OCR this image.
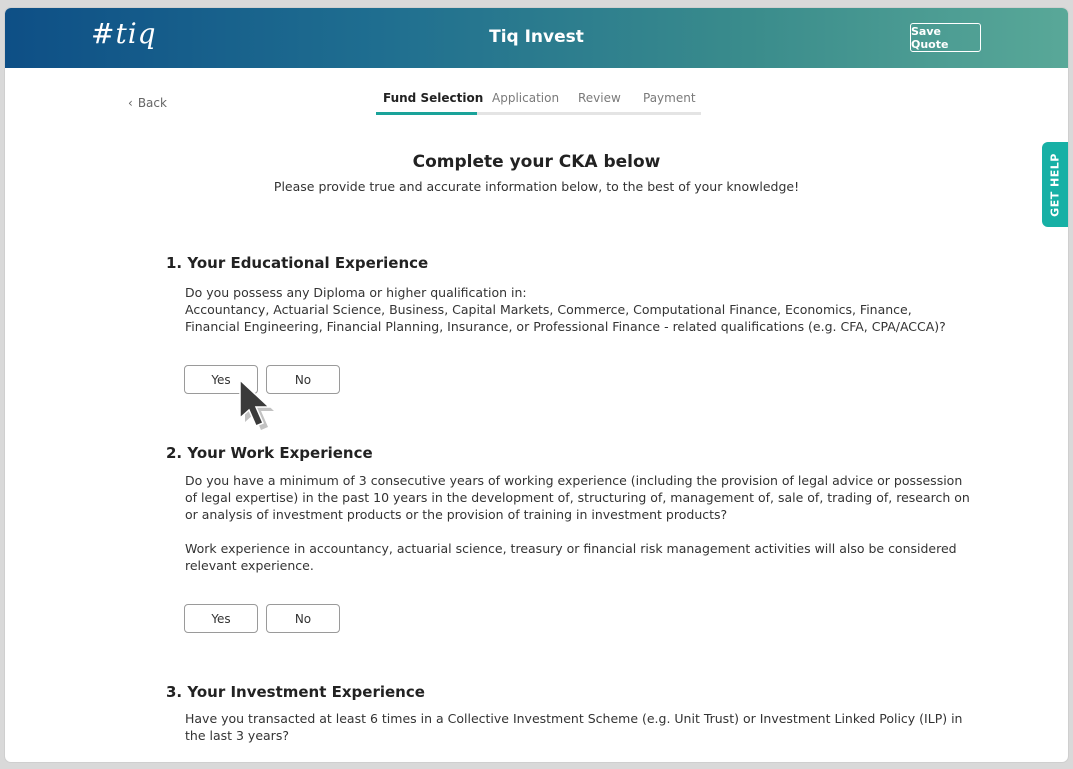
#tiq	Tiq Invest	Save Quote
‹ Back	Fund Selection Application Review Payment
GET HELP
Complete your CKA below
Please provide true and accurate information below, to the best of your knowledge!
1. Your Educational Experience
Do you possess any Diploma or higher qualification in:
Accountancy, Actuarial Science, Business, Capital Markets, Commerce, Computational Finance, Economics, Finance,
Financial Engineering, Financial Planning, Insurance, or Professional Finance - related qualifications (e.g. CFA, CPA/ACCA)?
Yes	No
2. Your Work Experience
Do you have a minimum of 3 consecutive years of working experience (including the provision of legal advice or possession
of legal expertise) in the past 10 years in the development of, structuring of, management of, sale of, trading of, research on
or analysis of investment products or the provision of training in investment products?
Work experience in accountancy, actuarial science, treasury or financial risk management activities will also be considered
relevant experience.
Yes	No
3. Your Investment Experience
Have you transacted at least 6 times in a Collective Investment Scheme (e.g. Unit Trust) or Investment Linked Policy (ILP) in
the last 3 years?
